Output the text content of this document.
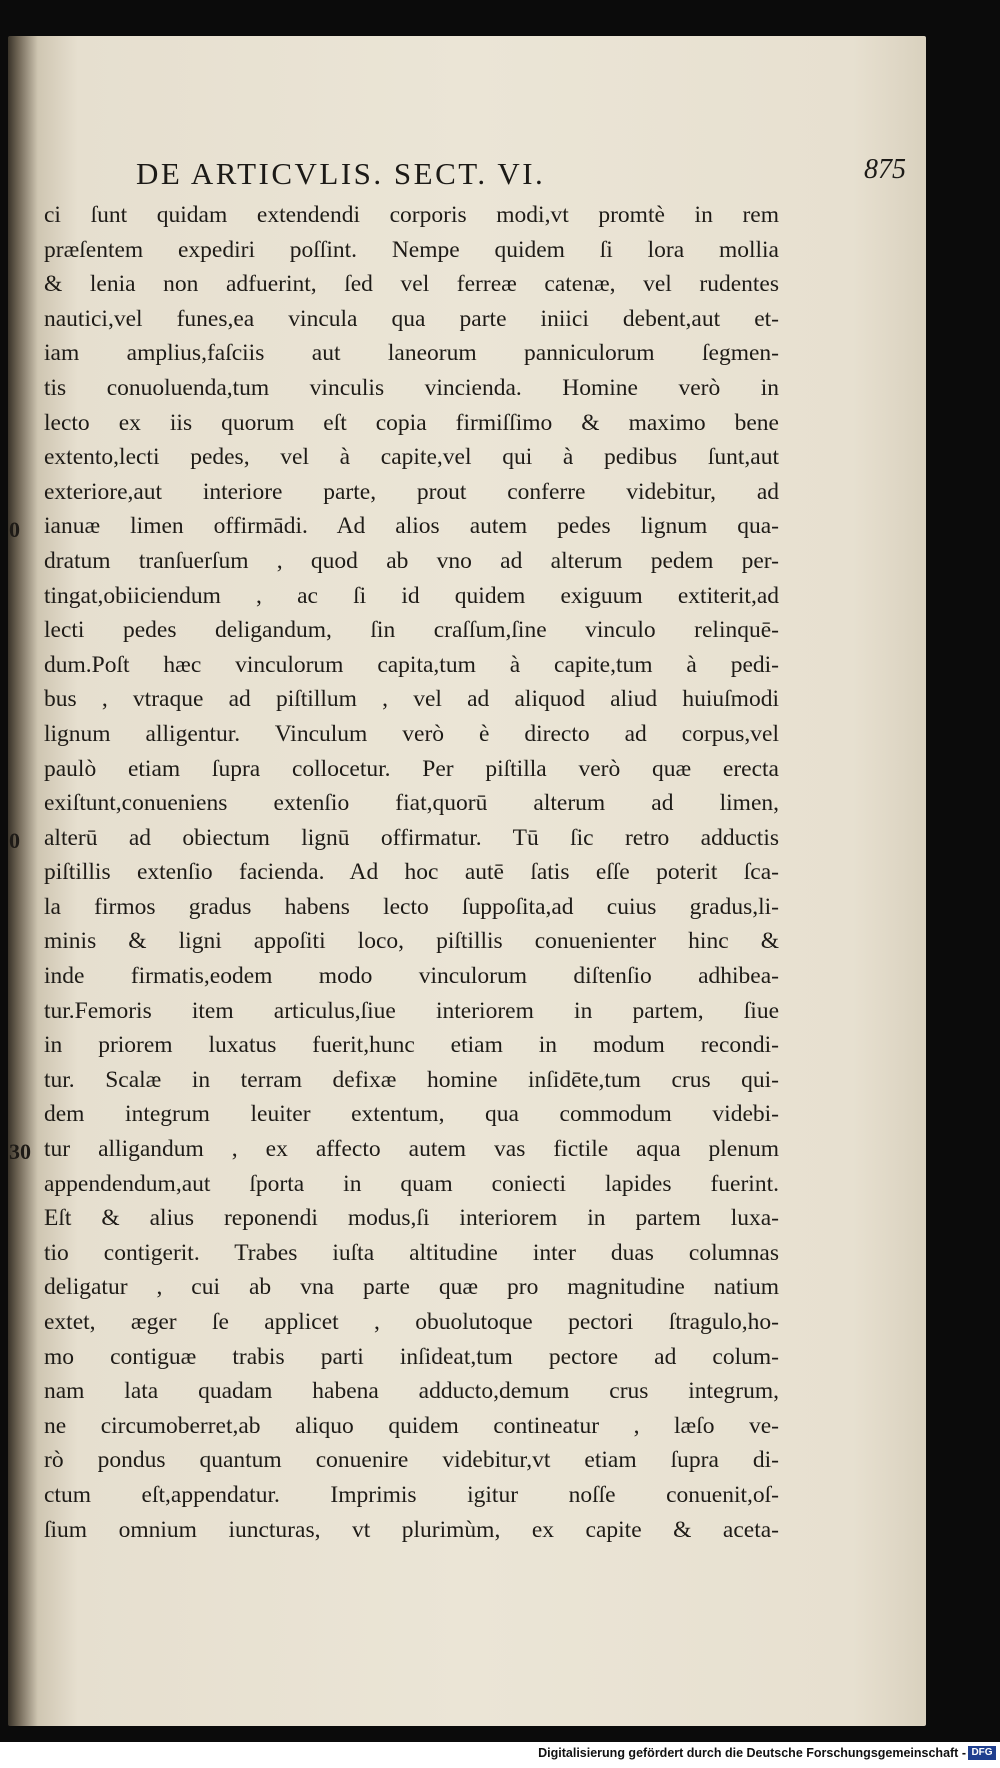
DE ARTICVLIS. SECT. VI.	875
0
0
30
ci ſunt quidam extendendi corporis modi,vt promtè in rem
præſentem expediri poſſint. Nempe quidem ſi lora mollia
& lenia non adfuerint, ſed vel ferreæ catenæ, vel rudentes
nautici,vel funes,ea vincula qua parte iniici debent,aut et-
iam amplius,faſciis aut laneorum panniculorum ſegmen-
tis conuoluenda,tum vinculis vincienda. Homine verò in
lecto ex iis quorum eſt copia firmiſſimo & maximo bene
extento,lecti pedes, vel à capite,vel qui à pedibus ſunt,aut
exteriore,aut interiore parte, prout conferre videbitur, ad
ianuæ limen offirmādi. Ad alios autem pedes lignum qua-
dratum tranſuerſum , quod ab vno ad alterum pedem per-
tingat,obiiciendum , ac ſi id quidem exiguum extiterit,ad
lecti pedes deligandum, ſin craſſum,ſine vinculo relinquē-
dum.Poſt hæc vinculorum capita,tum à capite,tum à pedi-
bus , vtraque ad piſtillum , vel ad aliquod aliud huiuſmodi
lignum alligentur. Vinculum verò è directo ad corpus,vel
paulò etiam ſupra collocetur. Per piſtilla verò quæ erecta
exiſtunt,conueniens extenſio fiat,quorū alterum ad limen,
alterū ad obiectum lignū offirmatur. Tū ſic retro adductis
piſtillis extenſio facienda. Ad hoc autē ſatis eſſe poterit ſca-
la firmos gradus habens lecto ſuppoſita,ad cuius gradus,li-
minis & ligni appoſiti loco, piſtillis conuenienter hinc &
inde firmatis,eodem modo vinculorum diſtenſio adhibea-
tur.Femoris item articulus,ſiue interiorem in partem, ſiue
in priorem luxatus fuerit,hunc etiam in modum recondi-
tur. Scalæ in terram defixæ homine inſidēte,tum crus qui-
dem integrum leuiter extentum, qua commodum videbi-
tur alligandum , ex affecto autem vas fictile aqua plenum
appendendum,aut ſporta in quam coniecti lapides fuerint.
Eſt & alius reponendi modus,ſi interiorem in partem luxa-
tio contigerit. Trabes iuſta altitudine inter duas columnas
deligatur , cui ab vna parte quæ pro magnitudine natium
extet, æger ſe applicet , obuolutoque pectori ſtragulo,ho-
mo contiguæ trabis parti inſideat,tum pectore ad colum-
nam lata quadam habena adducto,demum crus integrum,
ne circumoberret,ab aliquo quidem contineatur , læſo ve-
rò pondus quantum conuenire videbitur,vt etiam ſupra di-
ctum eſt,appendatur. Imprimis igitur noſſe conuenit,oſ-
ſium omnium iuncturas, vt plurimùm, ex capite & aceta-
Digitalisierung gefördert durch die Deutsche Forschungsgemeinschaft - DFG
